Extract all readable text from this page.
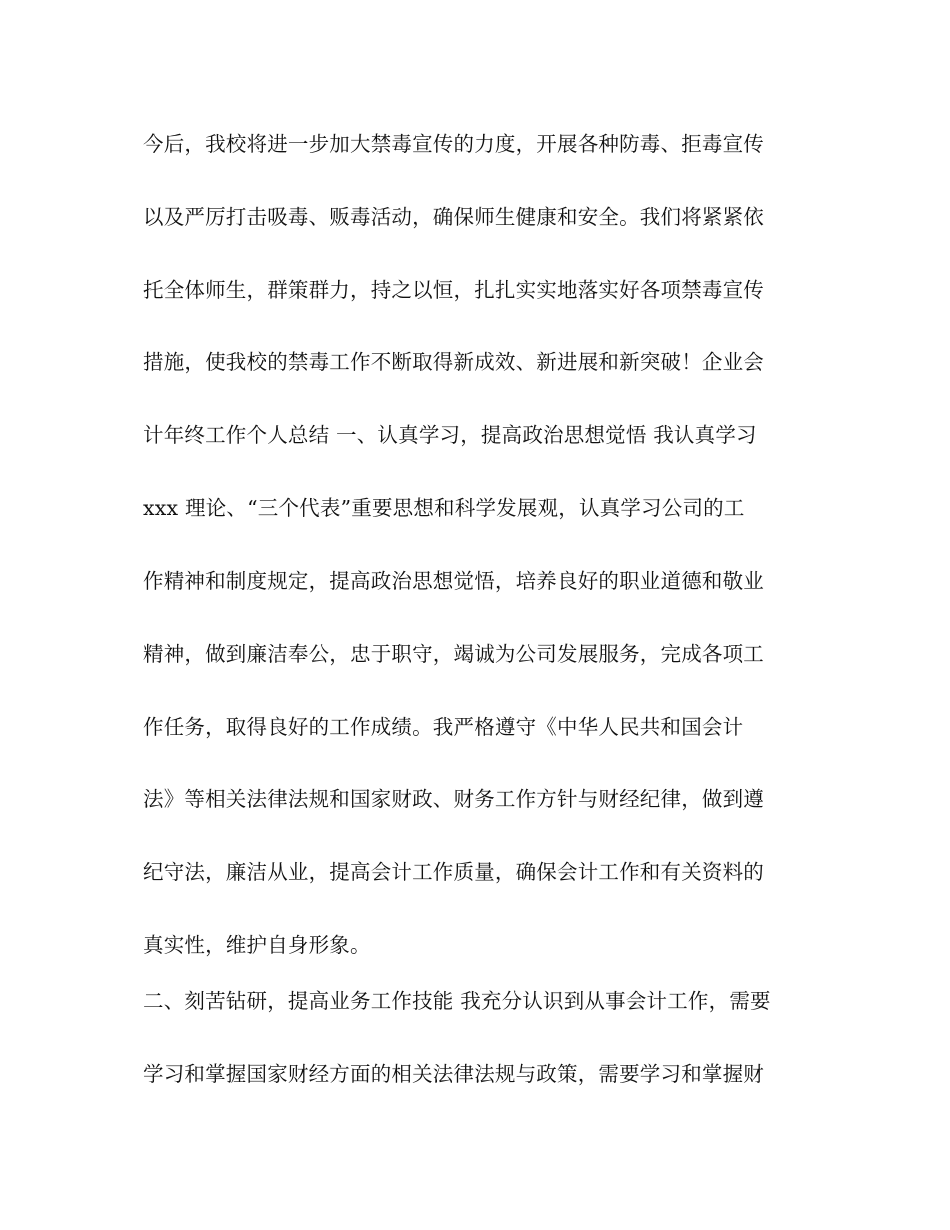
今后，我校将进一步加大禁毒宣传的力度，开展各种防毒、拒毒宣传
以及严厉打击吸毒、贩毒活动，确保师生健康和安全。我们将紧紧依
托全体师生，群策群力，持之以恒，扎扎实实地落实好各项禁毒宣传
措施，使我校的禁毒工作不断取得新成效、新进展和新突破！企业会
计年终工作个人总结 一、认真学习，提高政治思想觉悟 我认真学习
xxx 理论、“三个代表”重要思想和科学发展观，认真学习公司的工
作精神和制度规定，提高政治思想觉悟，培养良好的职业道德和敬业
精神，做到廉洁奉公，忠于职守，竭诚为公司发展服务，完成各项工
作任务，取得良好的工作成绩。我严格遵守《中华人民共和国会计
法》等相关法律法规和国家财政、财务工作方针与财经纪律，做到遵
纪守法，廉洁从业，提高会计工作质量，确保会计工作和有关资料的
真实性，维护自身形象。
二、刻苦钻研，提高业务工作技能 我充分认识到从事会计工作，需要
学习和掌握国家财经方面的相关法律法规与政策，需要学习和掌握财
